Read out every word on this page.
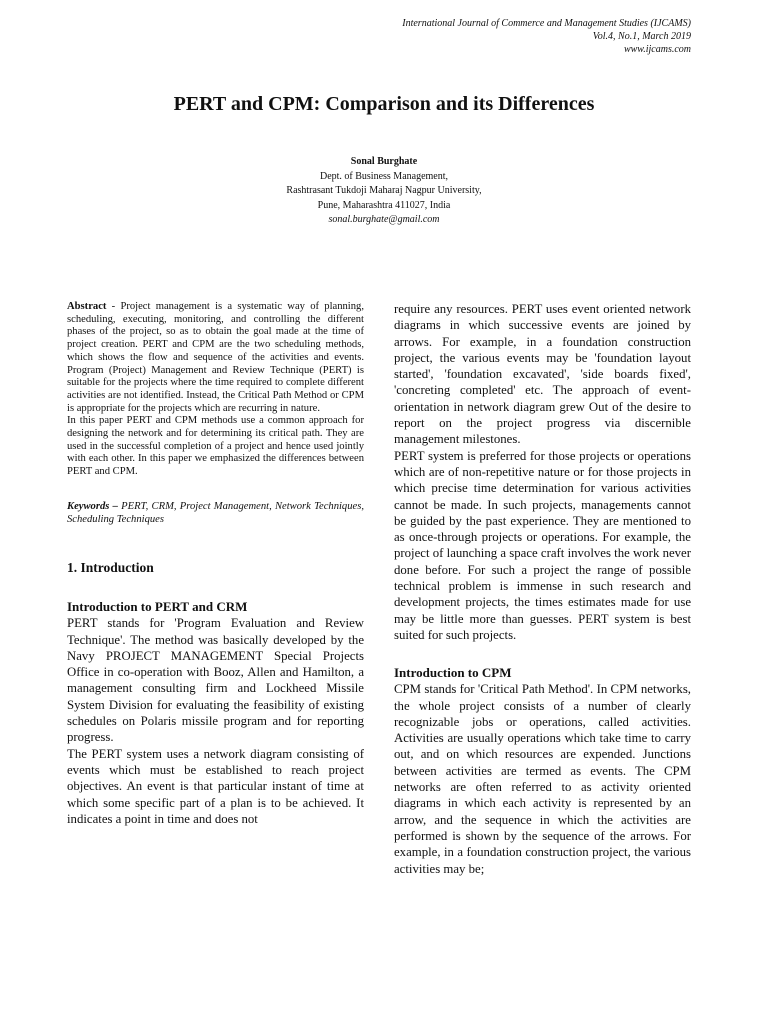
International Journal of Commerce and Management Studies (IJCAMS)
Vol.4, No.1, March 2019
www.ijcams.com
PERT and CPM: Comparison and its Differences
Sonal Burghate
Dept. of Business Management,
Rashtrasant Tukdoji Maharaj Nagpur University,
Pune, Maharashtra 411027, India
sonal.burghate@gmail.com

Abstract - Project management is a systematic way of planning, scheduling, executing, monitoring, and controlling the different phases of the project, so as to obtain the goal made at the time of project creation. PERT and CPM are the two scheduling methods, which shows the flow and sequence of the activities and events. Program (Project) Management and Review Technique (PERT) is suitable for the projects where the time required to complete different activities are not identified. Instead, the Critical Path Method or CPM is appropriate for the projects which are recurring in nature.

In this paper PERT and CPM methods use a common approach for designing the network and for determining its critical path. They are used in the successful completion of a project and hence used jointly with each other. In this paper we emphasized the differences between PERT and CPM.

Keywords – PERT, CRM, Project Management, Network Techniques, Scheduling Techniques

1. Introduction
Introduction to PERT and CRM

PERT stands for 'Program Evaluation and Review Technique'. The method was basically developed by the Navy PROJECT MANAGEMENT Special Projects Office in co-operation with Booz, Allen and Hamilton, a management consulting firm and Lockheed Missile System Division for evaluating the feasibility of existing schedules on Polaris missile program and for reporting progress.

The PERT system uses a network diagram consisting of events which must be established to reach project objectives. An event is that particular instant of time at which some specific part of a plan is to be achieved. It indicates a point in time and does not

require any resources. PERT uses event oriented network diagrams in which successive events are joined by arrows. For example, in a foundation construction project, the various events may be 'foundation layout started', 'foundation excavated', 'side boards fixed', 'concreting completed' etc. The approach of event-orientation in network diagram grew Out of the desire to report on the project progress via discernible management milestones.

PERT system is preferred for those projects or operations which are of non-repetitive nature or for those projects in which precise time determination for various activities cannot be made. In such projects, managements cannot be guided by the past experience. They are mentioned to as once-through projects or operations. For example, the project of launching a space craft involves the work never done before. For such a project the range of possible technical problem is immense in such research and development projects, the times estimates made for use may be little more than guesses. PERT system is best suited for such projects.

Introduction to CPM

CPM stands for 'Critical Path Method'. In CPM networks, the whole project consists of a number of clearly recognizable jobs or operations, called activities. Activities are usually operations which take time to carry out, and on which resources are expended. Junctions between activities are termed as events. The CPM networks are often referred to as activity oriented diagrams in which each activity is represented by an arrow, and the sequence in which the activities are performed is shown by the sequence of the arrows. For example, in a foundation construction project, the various activities may be;
